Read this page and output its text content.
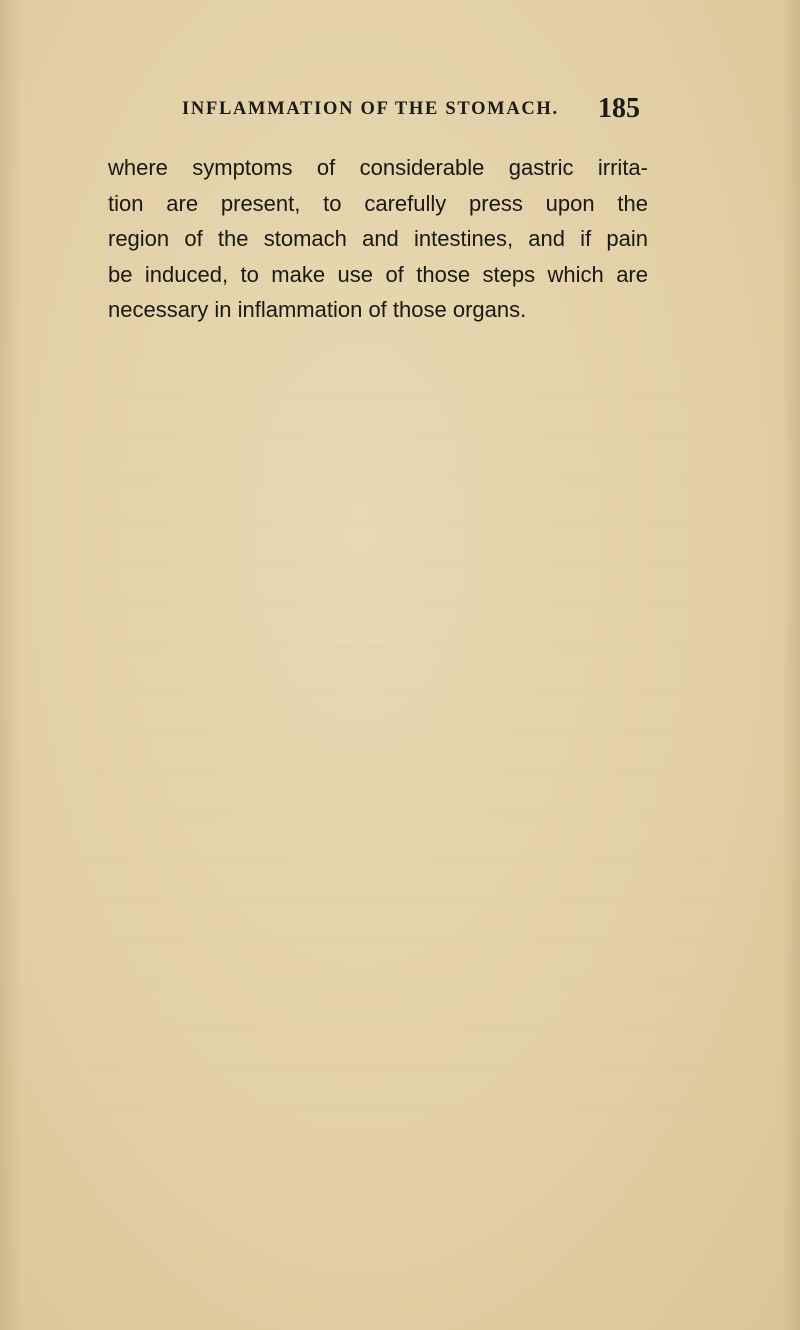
INFLAMMATION OF THE STOMACH. 185
where symptoms of considerable gastric irrita-
tion are present, to carefully press upon the
region of the stomach and intestines, and if pain
be induced, to make use of those steps which are
necessary in inflammation of those organs.
